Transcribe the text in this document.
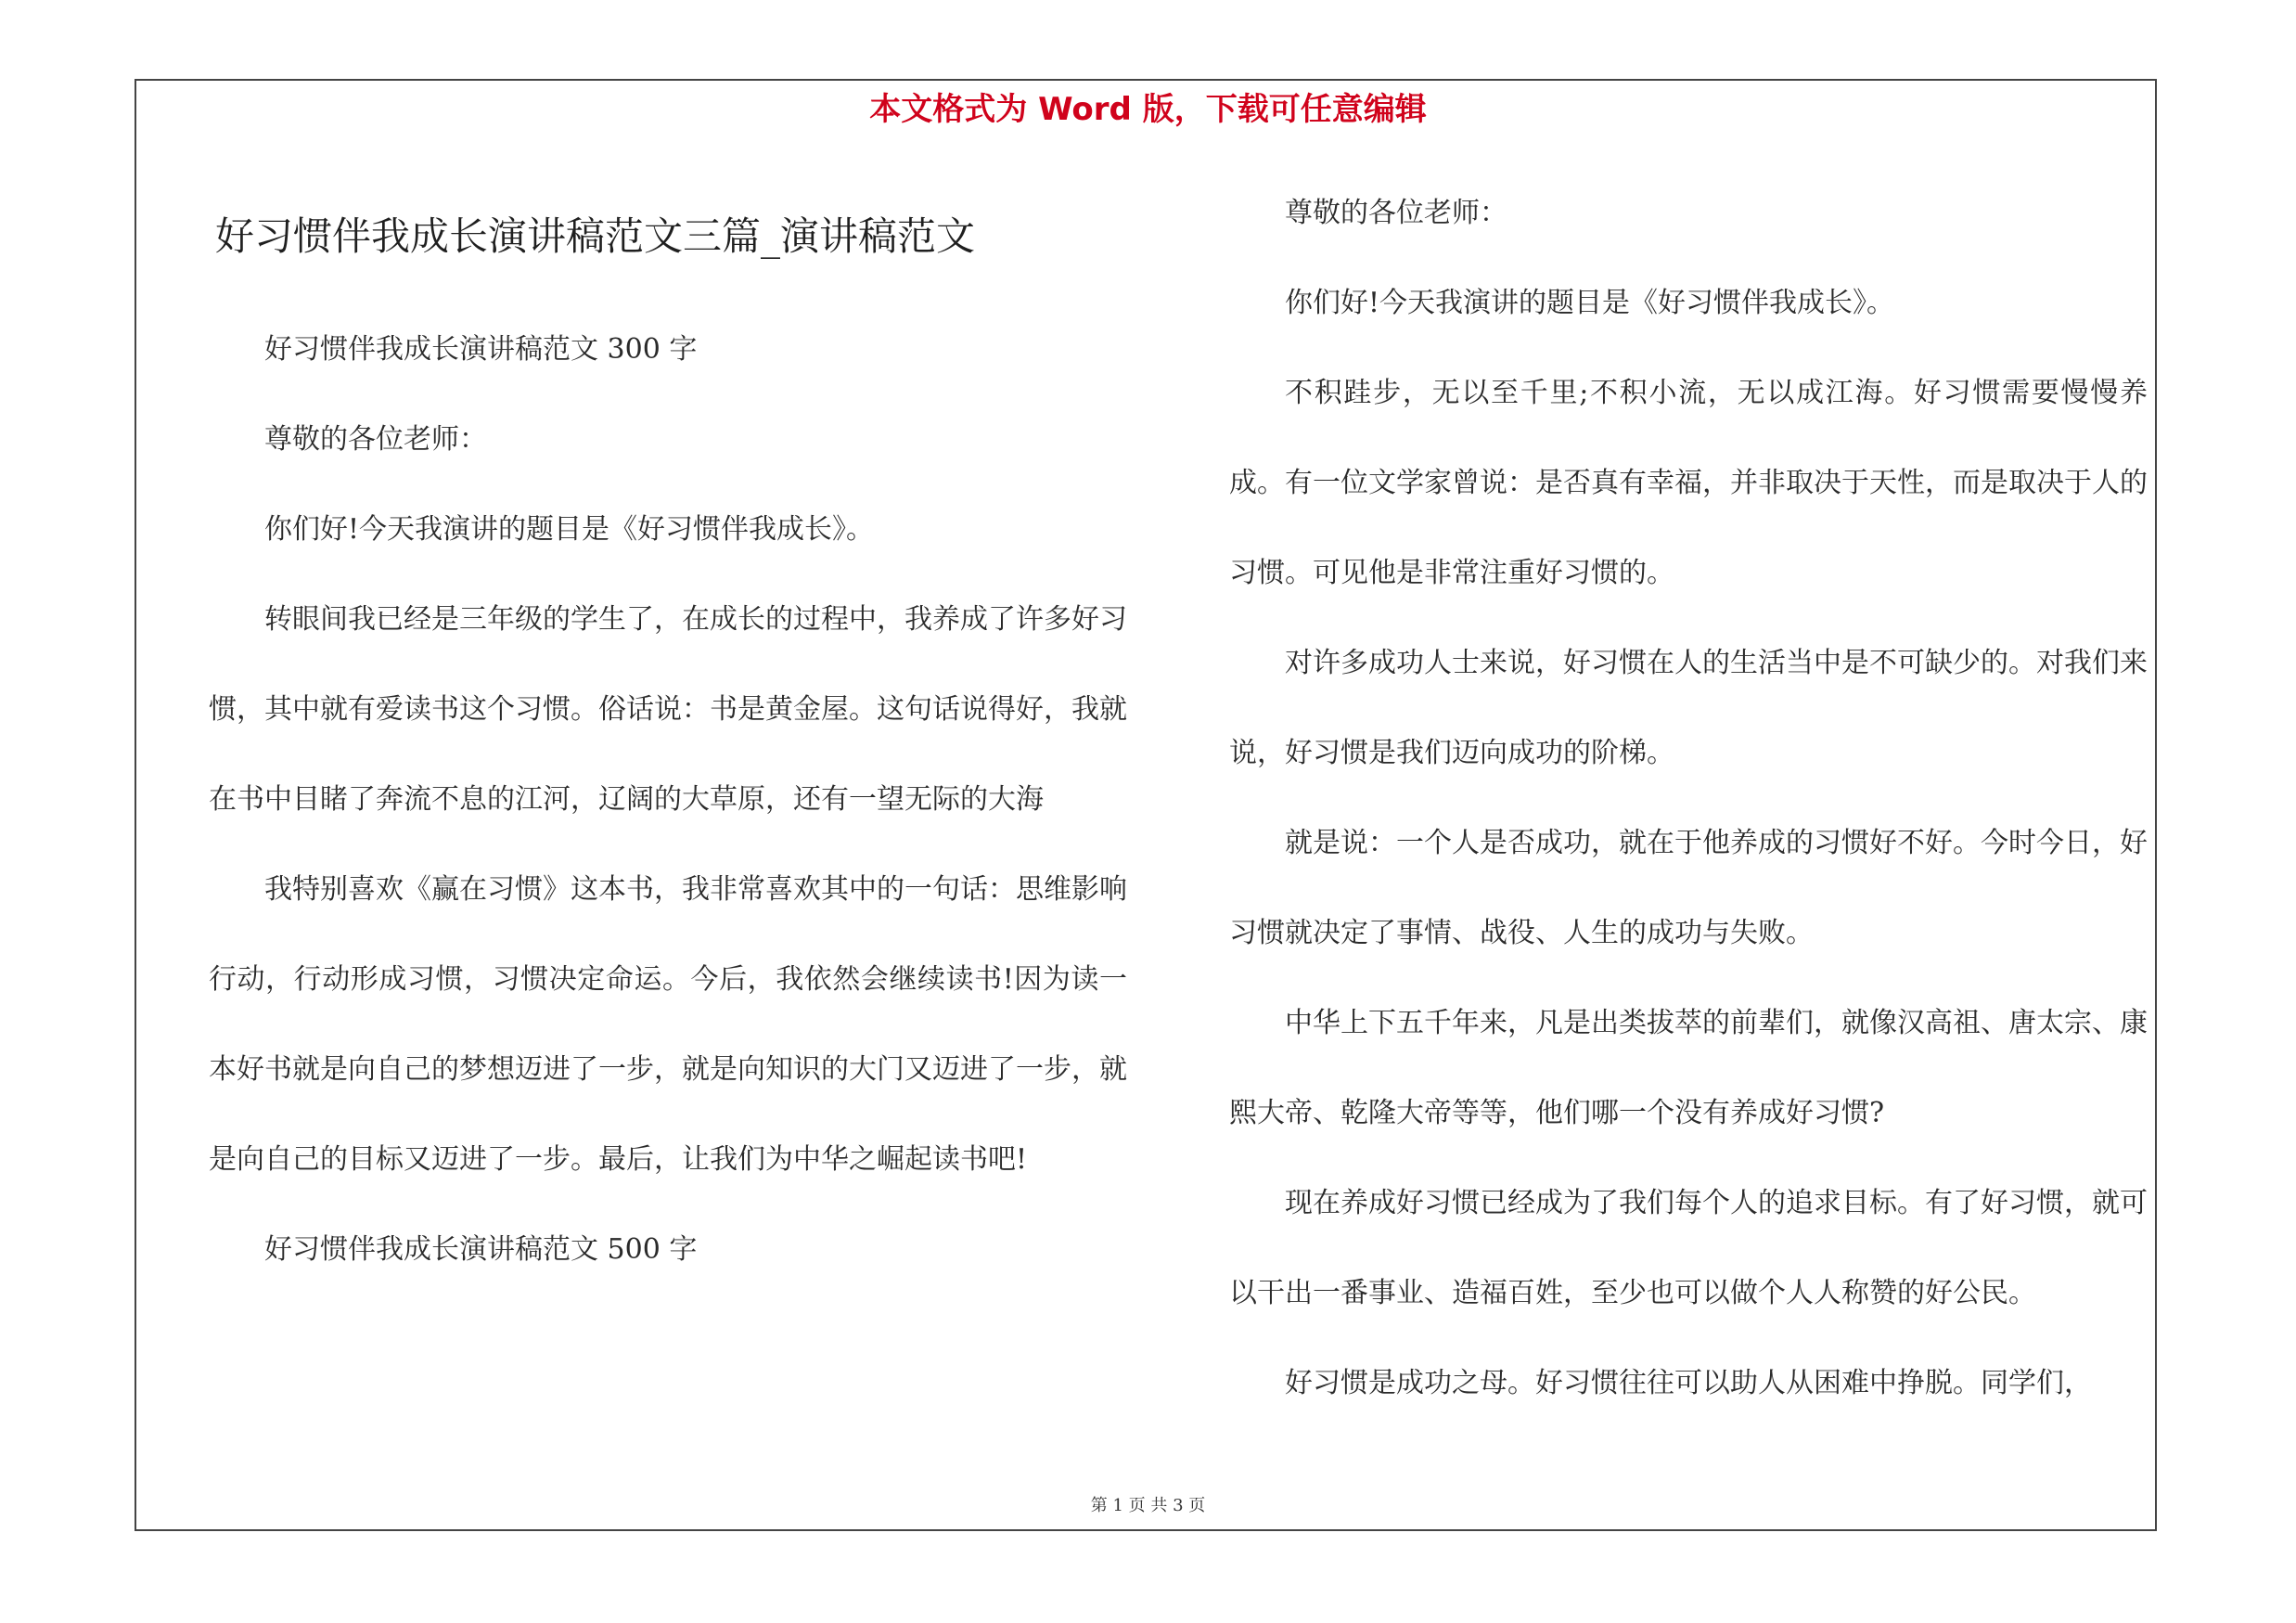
本文格式为 Word 版，下载可任意编辑
好习惯伴我成长演讲稿范文三篇_演讲稿范文

好习惯伴我成长演讲稿范文 300 字

尊敬的各位老师：

你们好!今天我演讲的题目是《好习惯伴我成长》。

转眼间我已经是三年级的学生了，在成长的过程中，我养成了许多好习惯，其中就有爱读书这个习惯。俗话说：书是黄金屋。这句话说得好，我就在书中目睹了奔流不息的江河，辽阔的大草原，还有一望无际的大海

我特别喜欢《赢在习惯》这本书，我非常喜欢其中的一句话：思维影响行动，行动形成习惯，习惯决定命运。今后，我依然会继续读书!因为读一本好书就是向自己的梦想迈进了一步，就是向知识的大门又迈进了一步，就是向自己的目标又迈进了一步。最后，让我们为中华之崛起读书吧!

好习惯伴我成长演讲稿范文 500 字

尊敬的各位老师：

你们好!今天我演讲的题目是《好习惯伴我成长》。

不积跬步，无以至千里;不积小流，无以成江海。好习惯需要慢慢养成。有一位文学家曾说：是否真有幸福，并非取决于天性，而是取决于人的习惯。可见他是非常注重好习惯的。

对许多成功人士来说，好习惯在人的生活当中是不可缺少的。对我们来说，好习惯是我们迈向成功的阶梯。

就是说：一个人是否成功，就在于他养成的习惯好不好。今时今日，好习惯就决定了事情、战役、人生的成功与失败。

中华上下五千年来，凡是出类拔萃的前辈们，就像汉高祖、唐太宗、康熙大帝、乾隆大帝等等，他们哪一个没有养成好习惯?

现在养成好习惯已经成为了我们每个人的追求目标。有了好习惯，就可以干出一番事业、造福百姓，至少也可以做个人人称赞的好公民。

好习惯是成功之母。好习惯往往可以助人从困难中挣脱。同学们，

第 1 页 共 3 页
